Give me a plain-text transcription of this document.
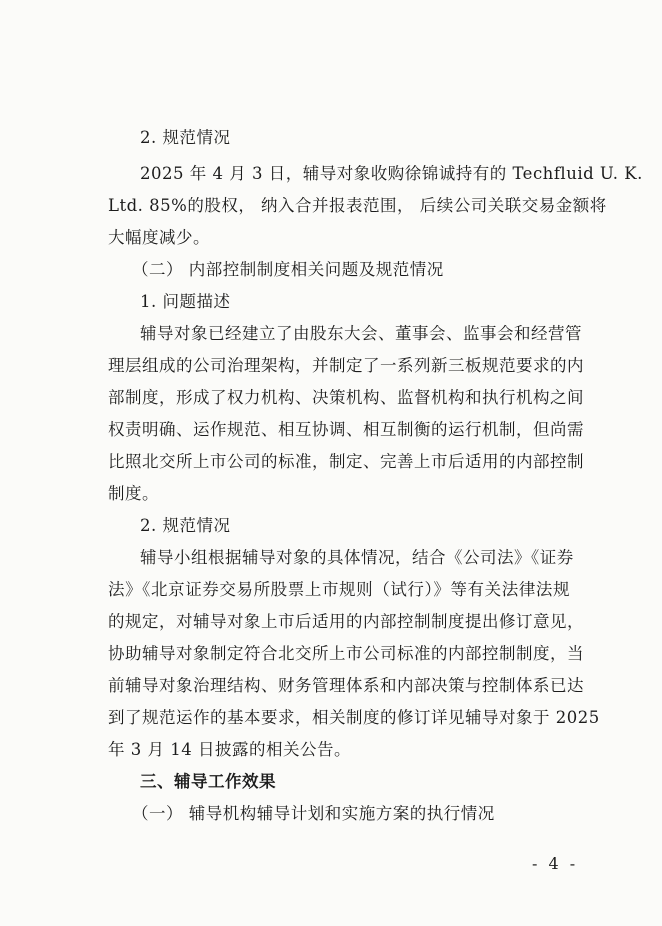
2. 规范情况
2025 年 4 月 3 日，辅导对象收购徐锦诚持有的 Techfluid U. K.
Ltd. 85%的股权， 纳入合并报表范围， 后续公司关联交易金额将
大幅度减少。
（二） 内部控制制度相关问题及规范情况
1. 问题描述
辅导对象已经建立了由股东大会、董事会、监事会和经营管
理层组成的公司治理架构，并制定了一系列新三板规范要求的内
部制度，形成了权力机构、决策机构、监督机构和执行机构之间
权责明确、运作规范、相互协调、相互制衡的运行机制，但尚需
比照北交所上市公司的标准，制定、完善上市后适用的内部控制
制度。
2. 规范情况
辅导小组根据辅导对象的具体情况，结合《公司法》《证券
法》《北京证券交易所股票上市规则（试行）》等有关法律法规
的规定，对辅导对象上市后适用的内部控制制度提出修订意见，
协助辅导对象制定符合北交所上市公司标准的内部控制制度，当
前辅导对象治理结构、财务管理体系和内部决策与控制体系已达
到了规范运作的基本要求，相关制度的修订详见辅导对象于 2025
年 3 月 14 日披露的相关公告。
三、辅导工作效果
（一） 辅导机构辅导计划和实施方案的执行情况
- 4 -
